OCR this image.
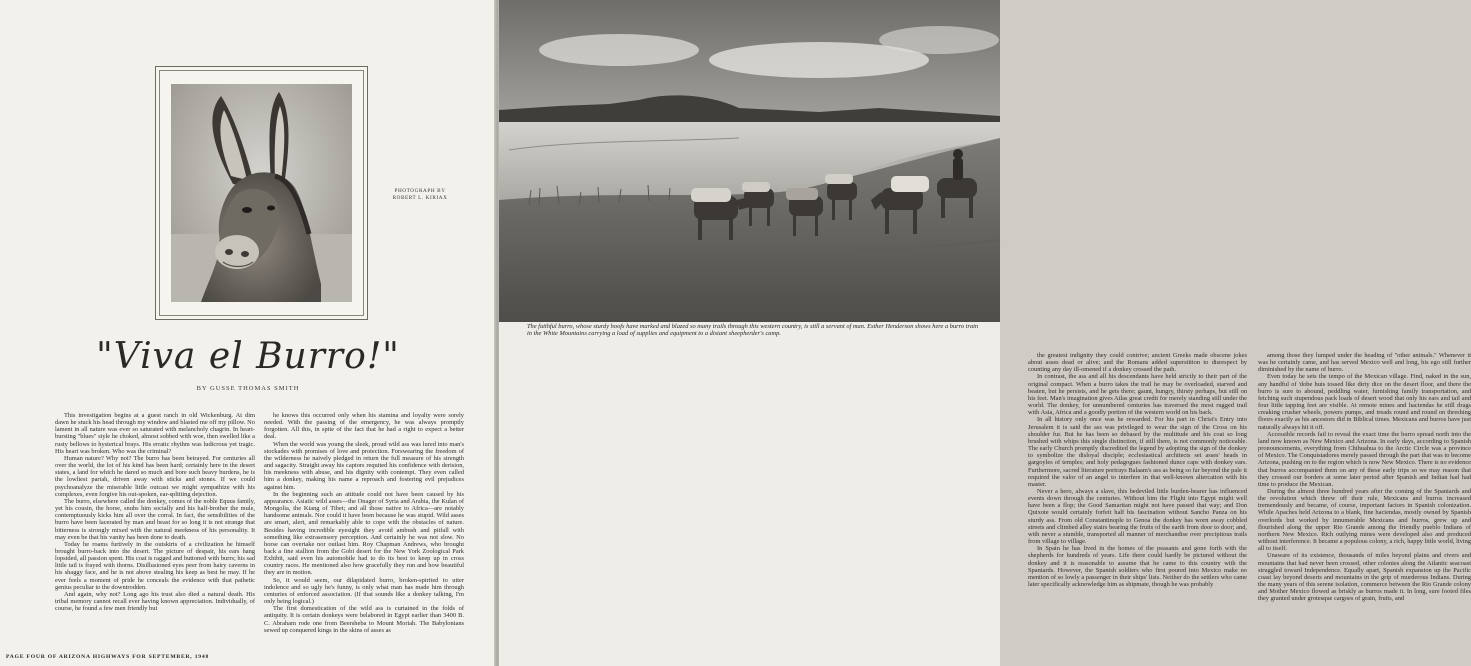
PHOTOGRAPH BY
ROBERT L. KIRIAX
"Viva el Burro!"
BY GUSSE THOMAS SMITH

This investigation begins at a guest ranch in old Wickenburg. At dim dawn he stuck his head through my window and blasted me off my pillow. No lament in all nature was ever so saturated with melancholy chagrin. In heart-bursting "blues" style he choked, almost sobbed with woe, then swelled like a rusty bellows to hysterical brays. His erratic rhythm was ludicrous yet tragic. His heart was broken. Who was the criminal?

Human nature? Why not? The burro has been betrayed. For centuries all over the world, the lot of his kind has been hard; certainly here in the desert states, a land for which he dared so much and bore such heavy burdens, he is the lowliest pariah, driven away with sticks and stones. If we could psychoanalyze the miserable little outcast we might sympathize with his complexes, even forgive his out-spoken, ear-splitting dejection.

The burro, elsewhere called the donkey, comes of the noble Equus family, yet his cousin, the horse, snubs him socially and his half-brother the mule, contemptuously kicks him all over the corral. In fact, the sensibilities of the burro have been lacerated by man and beast for so long it is not strange that bitterness is strongly mixed with the natural meekness of his personality. It may even be that his vanity has been done to death.

Today he roams furtively in the outskirts of a civilization he himself brought burro-back into the desert. The picture of despair, his ears hang lopsided, all passion spent. His coat is ragged and buttoned with burrs; his sad little tail is frayed with thorns. Disillusioned eyes peer from hairy caverns in his shaggy face, and he is not above stealing his keep as best he may. If he ever feels a moment of pride he conceals the evidence with that pathetic genius peculiar to the downtrodden.

And again, why not? Long ago his trust also died a natural death. His tribal memory cannot recall ever having known appreciation. Individually, of course, he found a few men friendly but

he knows this occurred only when his stamina and loyalty were sorely needed. With the passing of the emergency, he was always promptly forgotten. All this, in spite of the fact that he had a right to expect a better deal.

When the world was young the sleek, proud wild ass was lured into man's stockades with promises of love and protection. Forswearing the freedom of the wilderness he naively pledged in return the full measure of his strength and sagacity. Straight away his captors requited his confidence with derision, his meekness with abuse, and his dignity with contempt. They even called him a donkey, making his name a reproach and fostering evil prejudices against him.

In the beginning such an attitude could not have been caused by his appearance. Asiatic wild asses—the Onager of Syria and Arabia, the Kulan of Mongolia, the Kiang of Tibet; and all those native to Africa—are notably handsome animals. Nor could it have been because he was stupid. Wild asses are smart, alert, and remarkably able to cope with the obstacles of nature. Besides having incredible eyesight they avoid ambush and pitfall with something like extrasensory perception. And certainly he was not slow. No horse can overtake nor outlast him. Roy Chapman Andrews, who brought back a fine stallion from the Gobi desert for the New York Zoological Park Exhibit, said even his automobile had to do its best to keep up in cross country races. He mentioned also how gracefully they run and how beautiful they are in motion.

So, it would seem, our dilapidated burro, broken-spirited to utter indolence and so ugly he's funny, is only what man has made him through centuries of enforced association. (If that sounds like a donkey talking, I'm only being logical.)

The first domestication of the wild ass is curtained in the folds of antiquity. It is certain donkeys were belabored in Egypt earlier than 3400 B. C. Abraham rode one from Beersheba to Mount Moriah. The Babylonians sewed up conquered kings in the skins of asses as

PAGE FOUR OF ARIZONA HIGHWAYS FOR SEPTEMBER, 1948
The faithful burro, whose sturdy hoofs have marked and blazed so many trails through this western country, is still a servant of man. Esther Henderson shows here a burro train in the White Mountains carrying a load of supplies and equipment to a distant sheepherder's camp.

the greatest indignity they could contrive; ancient Greeks made obscene jokes about asses dead or alive; and the Romans added superstition to disrespect by counting any day ill-omened if a donkey crossed the path.

In contrast, the ass and all his descendants have held strictly to their part of the original compact. When a burro takes the trail he may be overloaded, starved and beaten, but he persists, and he gets there; gaunt, hungry, thirsty perhaps, but still on his feet. Man's imagination gives Atlas great credit for merely standing still under the world. The donkey, for unnumbered centuries has traversed the most rugged trail with Asia, Africa and a goodly portion of the western world on his back.

In all history only once was he rewarded. For his part in Christ's Entry into Jerusalem it is said the ass was privileged to wear the sign of the Cross on his shoulder fur. But he has been so debased by the multitude and his coat so long brushed with whips this single distinction, if still there, is not commonly noticeable. The early Church promptly discredited the legend by adopting the sign of the donkey to symbolize the disloyal disciple; ecclesiastical architects set asses' heads in gargoyles of temples; and holy pedagogues fashioned dunce caps with donkey ears. Furthermore, sacred literature portrays Balaam's ass as being so far beyond the pale it required the valor of an angel to interfere in that well-known altercation with his master.

Never a hero, always a slave, this bedeviled little burden-bearer has influenced events down through the centuries. Without him the Flight into Egypt might well have been a flop; the Good Samaritan might not have passed that way; and Don Quixote would certainly forfeit half his fascination without Sancho Panza on his sturdy ass. From old Constantinople to Genoa the donkey has worn away cobbled streets and climbed alley stairs bearing the fruits of the earth from door to door; and, with never a stumble, transported all manner of merchandise over precipitous trails from village to village.

In Spain he has lived in the homes of the peasants and gone forth with the shepherds for hundreds of years. Life there could hardly be pictured without the donkey and it is reasonable to assume that he came to this country with the Spaniards. However, the Spanish soldiers who first poured into Mexico make no mention of so lowly a passenger in their ships' lists. Neither do the settlers who came later specifically acknowledge him as shipmate, though he was probably

among those they lumped under the heading of "other animals." Whenever it was he certainly came, and has served Mexico well and long, his ego still further diminished by the name of burro.

Even today he sets the tempo of the Mexican village. Find, naked in the sun, any handful of 'dobe huts tossed like dirty dice on the desert floor, and there the burro is sure to abound, peddling water, furnishing family transportation, and fetching such stupendous pack loads of desert wood that only his ears and tail and four little tapping feet are visible. At remote mines and haciendas he still drags creaking crusher wheels, powers pumps, and treads round and round on threshing floors exactly as his ancestors did in Biblical times. Mexicans and burros have just naturally always hit it off.

Accessible records fail to reveal the exact time the burro spread north into the land now known as New Mexico and Arizona. In early days, according to Spanish pronouncements, everything from Chihuahua to the Arctic Circle was a province of Mexico. The Conquistadores merely passed through the part that was to become Arizona, pushing on to the region which is now New Mexico. There is no evidence that burros accompanied them on any of these early trips so we may reason that they crossed our borders at some later period after Spanish and Indian had had time to produce the Mexican.

During the almost three hundred years after the coming of the Spaniards and the revolution which threw off their rule, Mexicans and burros increased tremendously and became, of course, important factors in Spanish colonization. While Apaches held Arizona to a blank, fine haciendas, mostly owned by Spanish overlords but worked by innumerable Mexicans and burros, grew up and flourished along the upper Rio Grande among the friendly pueblo Indians of northern New Mexico. Rich outlying mines were developed also and produced without interference. It became a populous colony, a rich, happy little world, living all to itself.

Unaware of its existence, thousands of miles beyond plains and rivers and mountains that had never been crossed, other colonies along the Atlantic seacoast struggled toward Independence. Equally apart, Spanish expansion up the Pacific coast lay beyond deserts and mountains in the grip of murderous Indians. During the many years of this serene isolation, commerce between the Rio Grande colony and Mother Mexico flowed as briskly as burros made it. In long, sure footed files they granted under grotesque cargoes of grain, fruits, and
